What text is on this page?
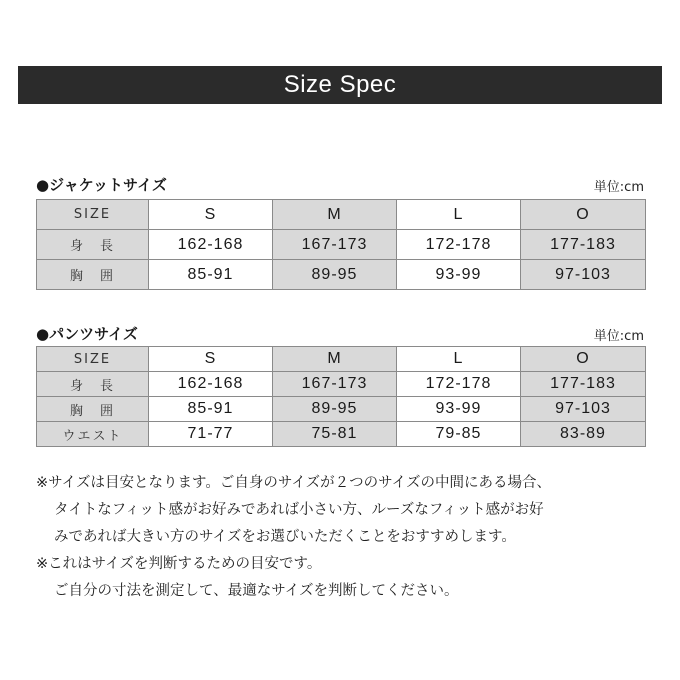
Size Spec
●ジャケットサイズ	単位:cm
SIZE	S	M	L	O
身　長	162-168	167-173	172-178	177-183
胸　囲	85-91	89-95	93-99	97-103
●パンツサイズ	単位:cm
SIZE	S	M	L	O
身　長	162-168	167-173	172-178	177-183
胸　囲	85-91	89-95	93-99	97-103
ウエスト	71-77	75-81	79-85	83-89

※サイズは目安となります。ご自身のサイズが２つのサイズの中間にある場合、

タイトなフィット感がお好みであれば小さい方、ルーズなフィット感がお好

みであれば大きい方のサイズをお選びいただくことをおすすめします。

※これはサイズを判断するための目安です。

ご自分の寸法を測定して、最適なサイズを判断してください。
